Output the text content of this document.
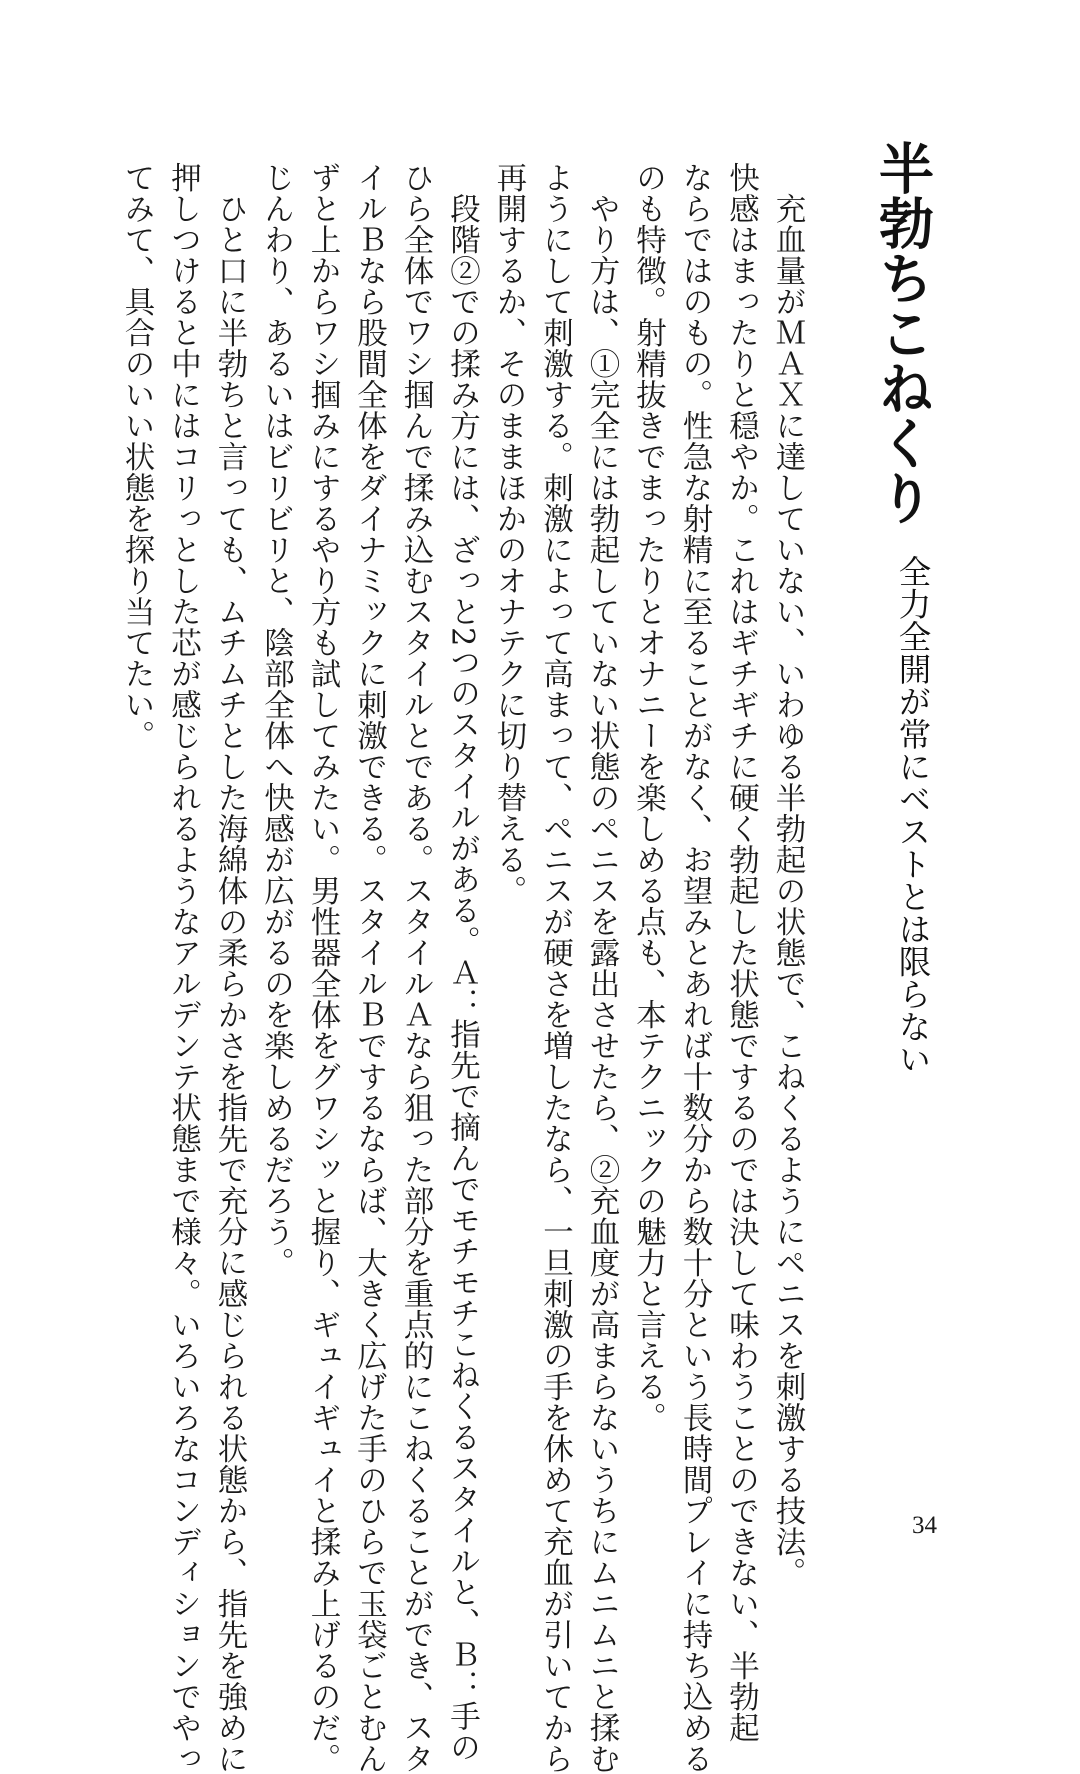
半勃ちこねくり
全力全開が常にベストとは限らない
充血量がＭＡＸに達していない、いわゆる半勃起の状態で、こねくるようにペニスを刺激する技法。
快感はまったりと穏やか。これはギチギチに硬く勃起した状態でするのでは決して味わうことのできない、半勃起
ならではのもの。性急な射精に至ることがなく、お望みとあれば十数分から数十分という長時間プレイに持ち込める
のも特徴。射精抜きでまったりとオナニーを楽しめる点も、本テクニックの魅力と言える。
やり方は、①完全には勃起していない状態のペニスを露出させたら、②充血度が高まらないうちにムニムニと揉む
ようにして刺激する。刺激によって高まって、ペニスが硬さを増したなら、一旦刺激の手を休めて充血が引いてから
再開するか、そのままほかのオナテクに切り替える。
段階②での揉み方には、ざっと2つのスタイルがある。Ａ：指先で摘んでモチモチこねくるスタイルと、Ｂ：手の
ひら全体でワシ掴んで揉み込むスタイルとである。スタイルＡなら狙った部分を重点的にこねくることができ、スタ
イルＢなら股間全体をダイナミックに刺激できる。スタイルＢでするならば、大きく広げた手のひらで玉袋ごとむん
ずと上からワシ掴みにするやり方も試してみたい。男性器全体をグワシッと握り、ギュイギュイと揉み上げるのだ。
じんわり、あるいはビリビリと、陰部全体へ快感が広がるのを楽しめるだろう。
ひと口に半勃ちと言っても、ムチムチとした海綿体の柔らかさを指先で充分に感じられる状態から、指先を強めに
押しつけると中にはコリっとした芯が感じられるようなアルデンテ状態まで様々。いろいろなコンディションでやっ
てみて、具合のいい状態を探り当てたい。
34
